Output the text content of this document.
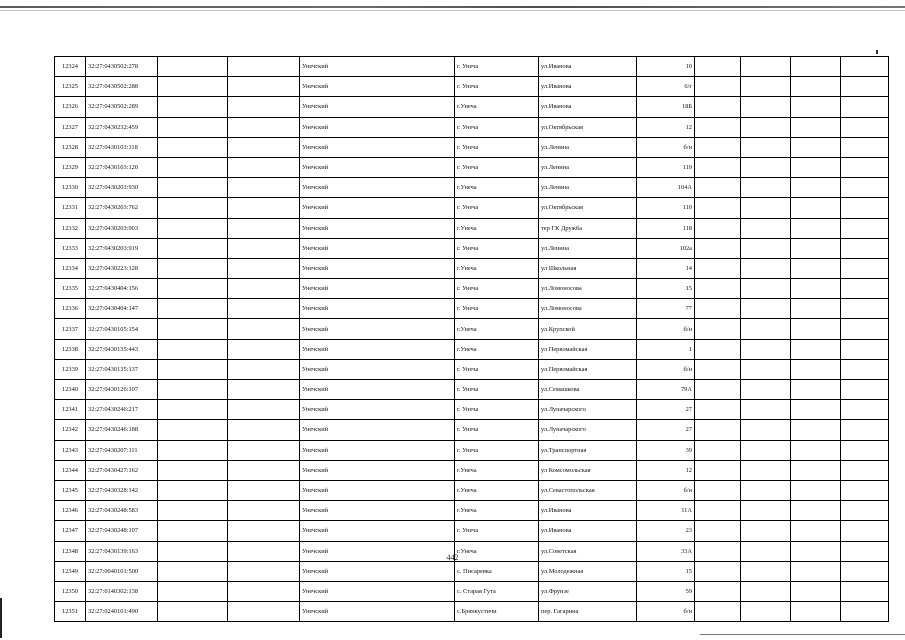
12324	32:27:0430502:278			Унечский	г. Унеча	ул.Иванова	10				
12325	32:27:0430502:288			Унечский	г. Унеча	ул.Иванова	6/г				
12326	32:27:0430502:289			Унечский	г.Унеча	ул.Иванова	18Б				
12327	32:27:0430232:459			Унечский	г. Унеча	ул.Октябрьская	12				
12328	32:27:0430103:118			Унечский	г. Унеча	ул.Ленина	б/н				
12329	32:27:0430103:120			Унечский	г. Унеча	ул.Ленина	119				
12330	32:27:0430203:930			Унечский	г.Унеча	ул.Ленина	104А				
12331	32:27:0430203:762			Унечский	г. Унеча	ул.Октябрьская	110				
12332	32:27:0430203:903			Унечский	г.Унеча	тер ГК Дружба	118				
12333	32:27:0430203:919			Унечский	г. Унеча	ул.Ленина	102а				
12334	32:27:0430223:128			Унечский	г.Унеча	ул Школьная	14				
12335	32:27:0430404:156			Унечский	г. Унеча	ул.Ломоносова	15				
12336	32:27:0430404:147			Унечский	г. Унеча	ул.Ломоносова	77				
12337	32:27:0430105:154			Унечский	г.Унеча	ул.Крупской	б/н				
12338	32:27:0430135:443			Унечский	г.Унеча	ул Первомайская	1				
12339	32:27:0430135:137			Унечский	г. Унеча	ул.Первомайская	б/н				
12340	32:27:0430126:107			Унечский	г. Унеча	ул.Семашкова	79А				
12341	32:27:0430246:217			Унечский	г. Унеча	ул.Луначарского	27				
12342	32:27:0430246:188			Унечский	г. Унеча	ул.Луначарского	27				
12343	32:27:0430207:111			Унечский	г. Унеча	ул.Транспортная	39				
12344	32:27:0430427:162			Унечский	г.Унеча	ул Комсомольская	12				
12345	32:27:0430328:142			Унечский	г.Унеча	ул.Севастопольская	б/н				
12346	32:27:0430248:583			Унечский	г.Унеча	ул.Иванова	11А				
12347	32:27:0430248:107			Унечский	г. Унеча	ул.Иванова	23				
12348	32:27:0430139:163			Унечский	г.Унеча	ул.Советская	33А				
12349	32:27:0040101:500			Унечский	с. Писаревка	ул.Молодежная	15				
12350	32:27:0140302:138			Унечский	с. Старая Гута	ул.Фрунзе	59				
12351	32:27:0240101:490			Унечский	с.Брянкустичи	пер. Гагарина	б/н				
442
